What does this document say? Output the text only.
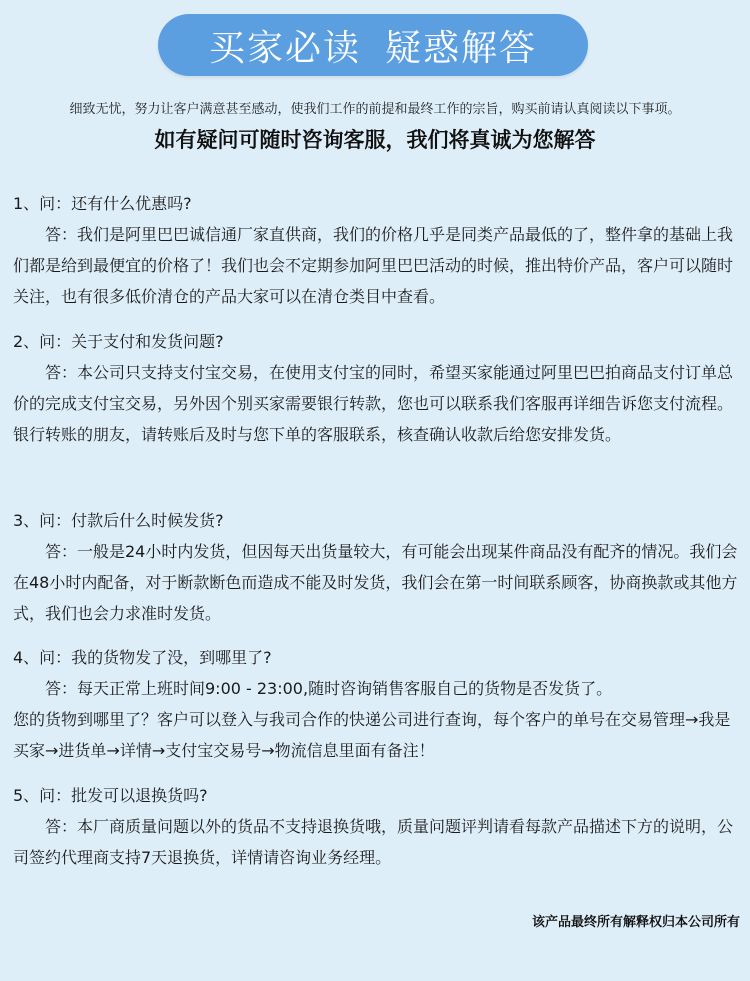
买家必读 疑惑解答
细致无忧，努力让客户满意甚至感动，使我们工作的前提和最终工作的宗旨，购买前请认真阅读以下事项。
如有疑问可随时咨询客服，我们将真诚为您解答

1、问：还有什么优惠吗?

答：我们是阿里巴巴诚信通厂家直供商，我们的价格几乎是同类产品最低的了，整件拿的基础上我们都是给到最便宜的价格了！我们也会不定期参加阿里巴巴活动的时候，推出特价产品，客户可以随时关注，也有很多低价清仓的产品大家可以在清仓类目中查看。

2、问：关于支付和发货问题?

答：本公司只支持支付宝交易，在使用支付宝的同时，希望买家能通过阿里巴巴拍商品支付订单总价的完成支付宝交易，另外因个别买家需要银行转款，您也可以联系我们客服再详细告诉您支付流程。

银行转账的朋友，请转账后及时与您下单的客服联系，核查确认收款后给您安排发货。

3、问：付款后什么时候发货?

答：一般是24小时内发货，但因每天出货量较大，有可能会出现某件商品没有配齐的情况。我们会在48小时内配备，对于断款断色而造成不能及时发货，我们会在第一时间联系顾客，协商换款或其他方式，我们也会力求准时发货。

4、问：我的货物发了没，到哪里了?

答：每天正常上班时间9:00 - 23:00,随时咨询销售客服自己的货物是否发货了。

您的货物到哪里了？客户可以登入与我司合作的快递公司进行查询，每个客户的单号在交易管理→我是买家→进货单→详情→支付宝交易号→物流信息里面有备注！

5、问：批发可以退换货吗?

答：本厂商质量问题以外的货品不支持退换货哦，质量问题评判请看每款产品描述下方的说明，公司签约代理商支持7天退换货，详情请咨询业务经理。

该产品最终所有解释权归本公司所有
